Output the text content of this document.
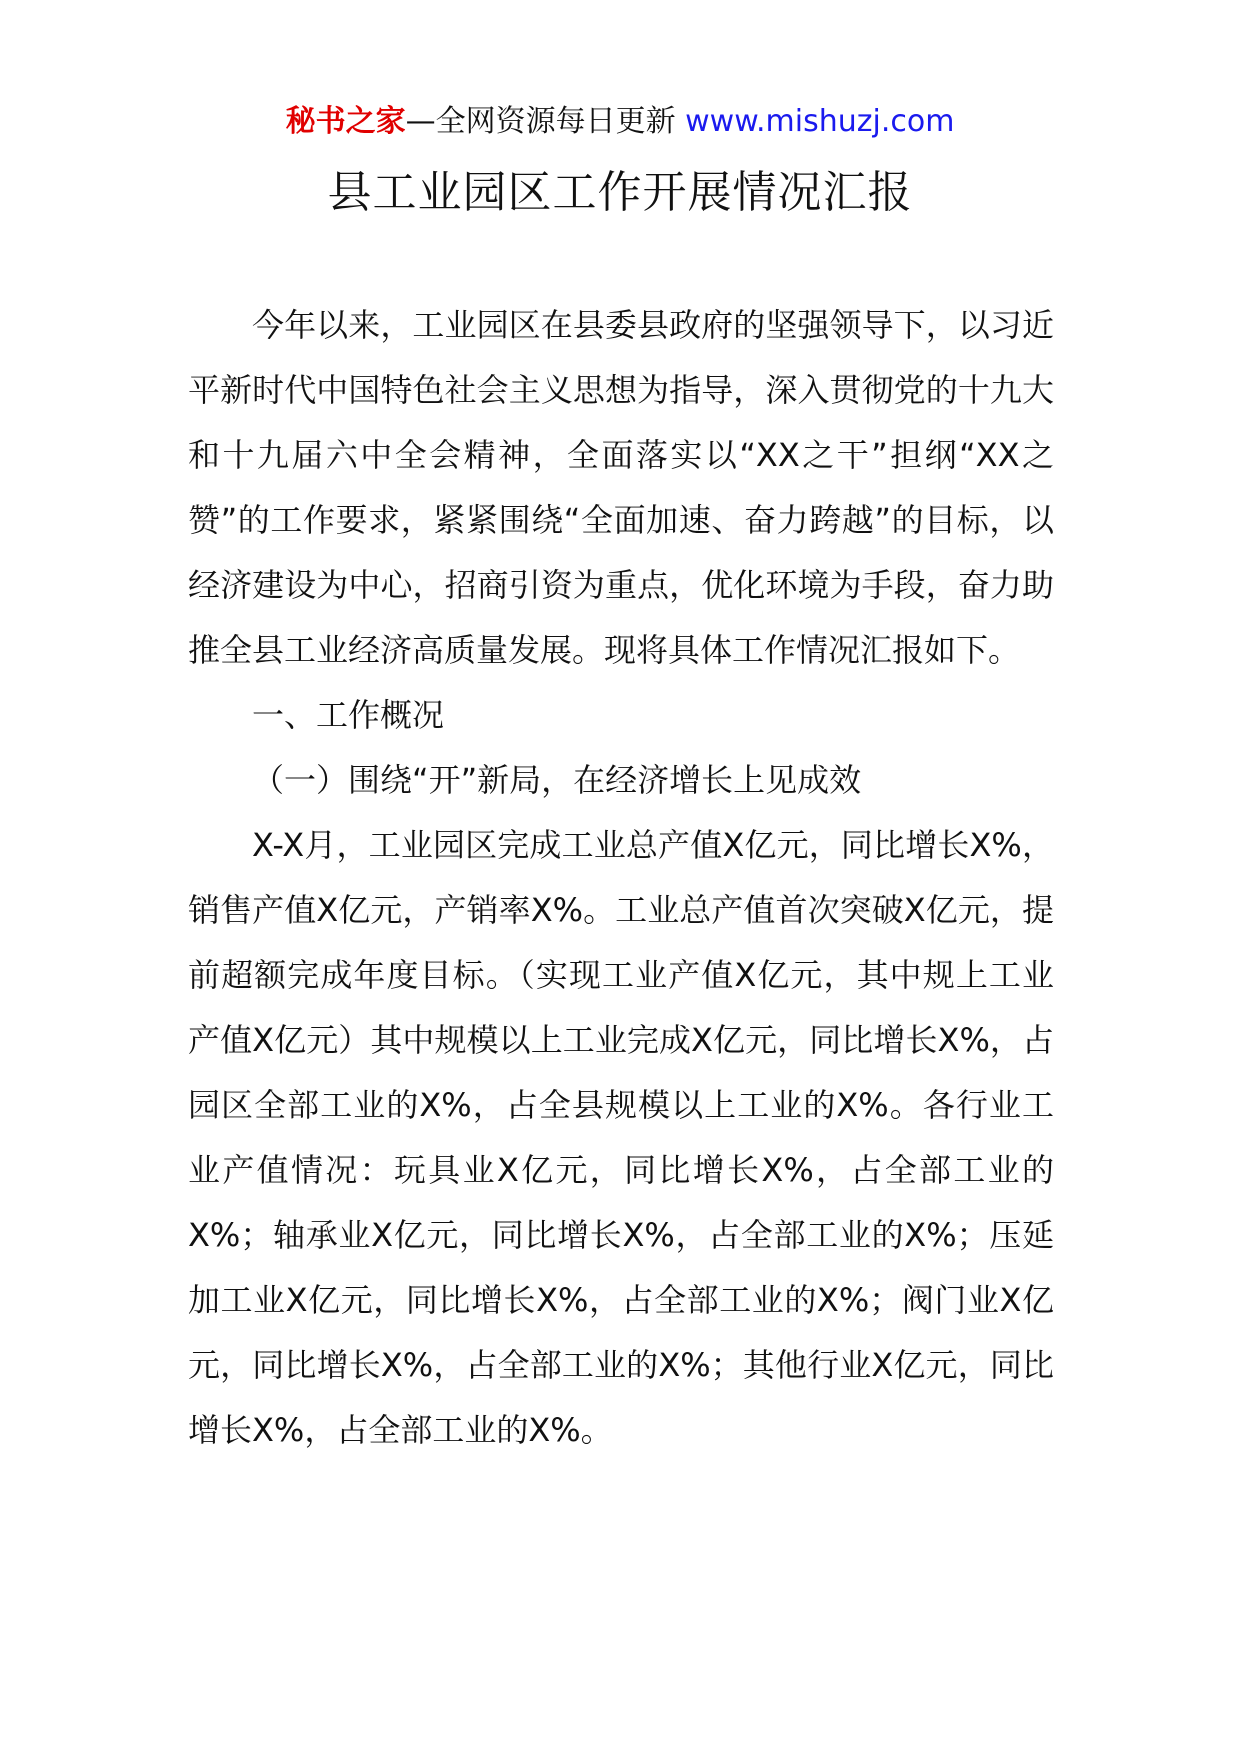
秘书之家—全网资源每日更新 www.mishuzj.com
县工业园区工作开展情况汇报

今年以来，工业园区在县委县政府的坚强领导下，以习近平新时代中国特色社会主义思想为指导，深入贯彻党的十九大和十九届六中全会精神，全面落实以“XX之干”担纲“XX之赞”的工作要求，紧紧围绕“全面加速、奋力跨越”的目标，以经济建设为中心，招商引资为重点，优化环境为手段，奋力助推全县工业经济高质量发展。现将具体工作情况汇报如下。

一、工作概况

（一）围绕“开”新局，在经济增长上见成效

X-X月，工业园区完成工业总产值X亿元，同比增长X%，销售产值X亿元，产销率X%。工业总产值首次突破X亿元，提前超额完成年度目标。（实现工业产值X亿元，其中规上工业产值X亿元）其中规模以上工业完成X亿元，同比增长X%，占园区全部工业的X%，占全县规模以上工业的X%。各行业工业产值情况：玩具业X亿元，同比增长X%，占全部工业的X%；轴承业X亿元，同比增长X%，占全部工业的X%；压延加工业X亿元，同比增长X%，占全部工业的X%；阀门业X亿元，同比增长X%，占全部工业的X%；其他行业X亿元，同比增长X%，占全部工业的X%。
